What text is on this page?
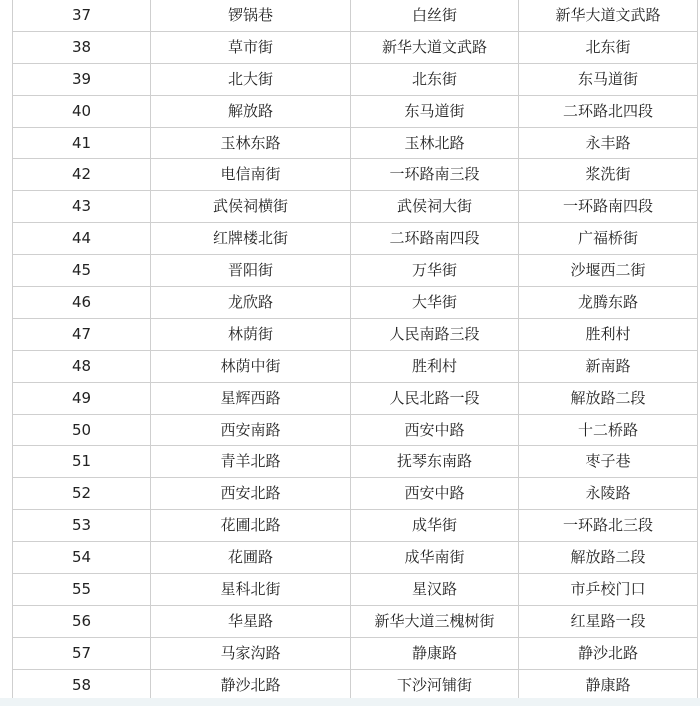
37	锣锅巷	白丝街	新华大道文武路
38	草市街	新华大道文武路	北东街
39	北大街	北东街	东马道街
40	解放路	东马道街	二环路北四段
41	玉林东路	玉林北路	永丰路
42	电信南街	一环路南三段	浆洗街
43	武侯祠横街	武侯祠大街	一环路南四段
44	红牌楼北街	二环路南四段	广福桥街
45	晋阳街	万华街	沙堰西二街
46	龙欣路	大华街	龙腾东路
47	林荫街	人民南路三段	胜利村
48	林荫中街	胜利村	新南路
49	星辉西路	人民北路一段	解放路二段
50	西安南路	西安中路	十二桥路
51	青羊北路	抚琴东南路	枣子巷
52	西安北路	西安中路	永陵路
53	花圃北路	成华街	一环路北三段
54	花圃路	成华南街	解放路二段
55	星科北街	星汉路	市乒校门口
56	华星路	新华大道三槐树街	红星路一段
57	马家沟路	静康路	静沙北路
58	静沙北路	下沙河铺街	静康路
